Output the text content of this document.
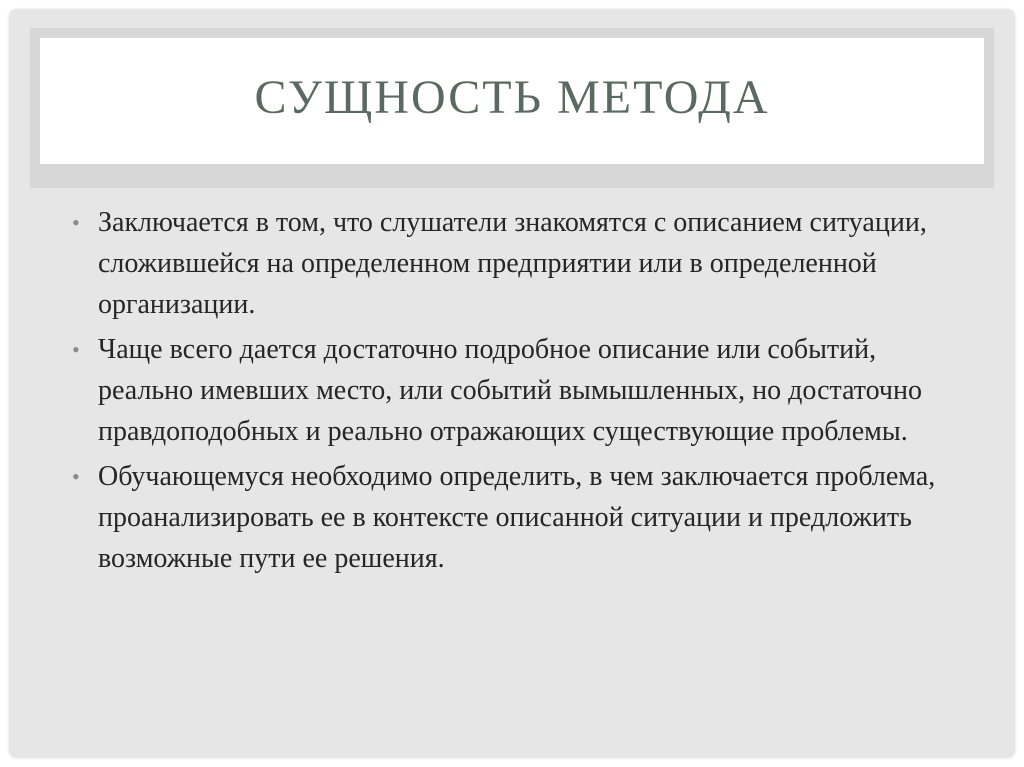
СУЩНОСТЬ МЕТОДА
• Заключается в том, что слушатели знакомятся с описанием ситуации, сложившейся на определенном предприятии или в определенной организации.
• Чаще всего дается достаточно подробное описание или событий, реально имевших место, или событий вымышленных, но достаточно правдоподобных и реально отражающих существующие проблемы.
• Обучающемуся необходимо определить, в чем заключается проблема, проанализировать ее в контексте описанной ситуации и предложить возможные пути ее решения.
